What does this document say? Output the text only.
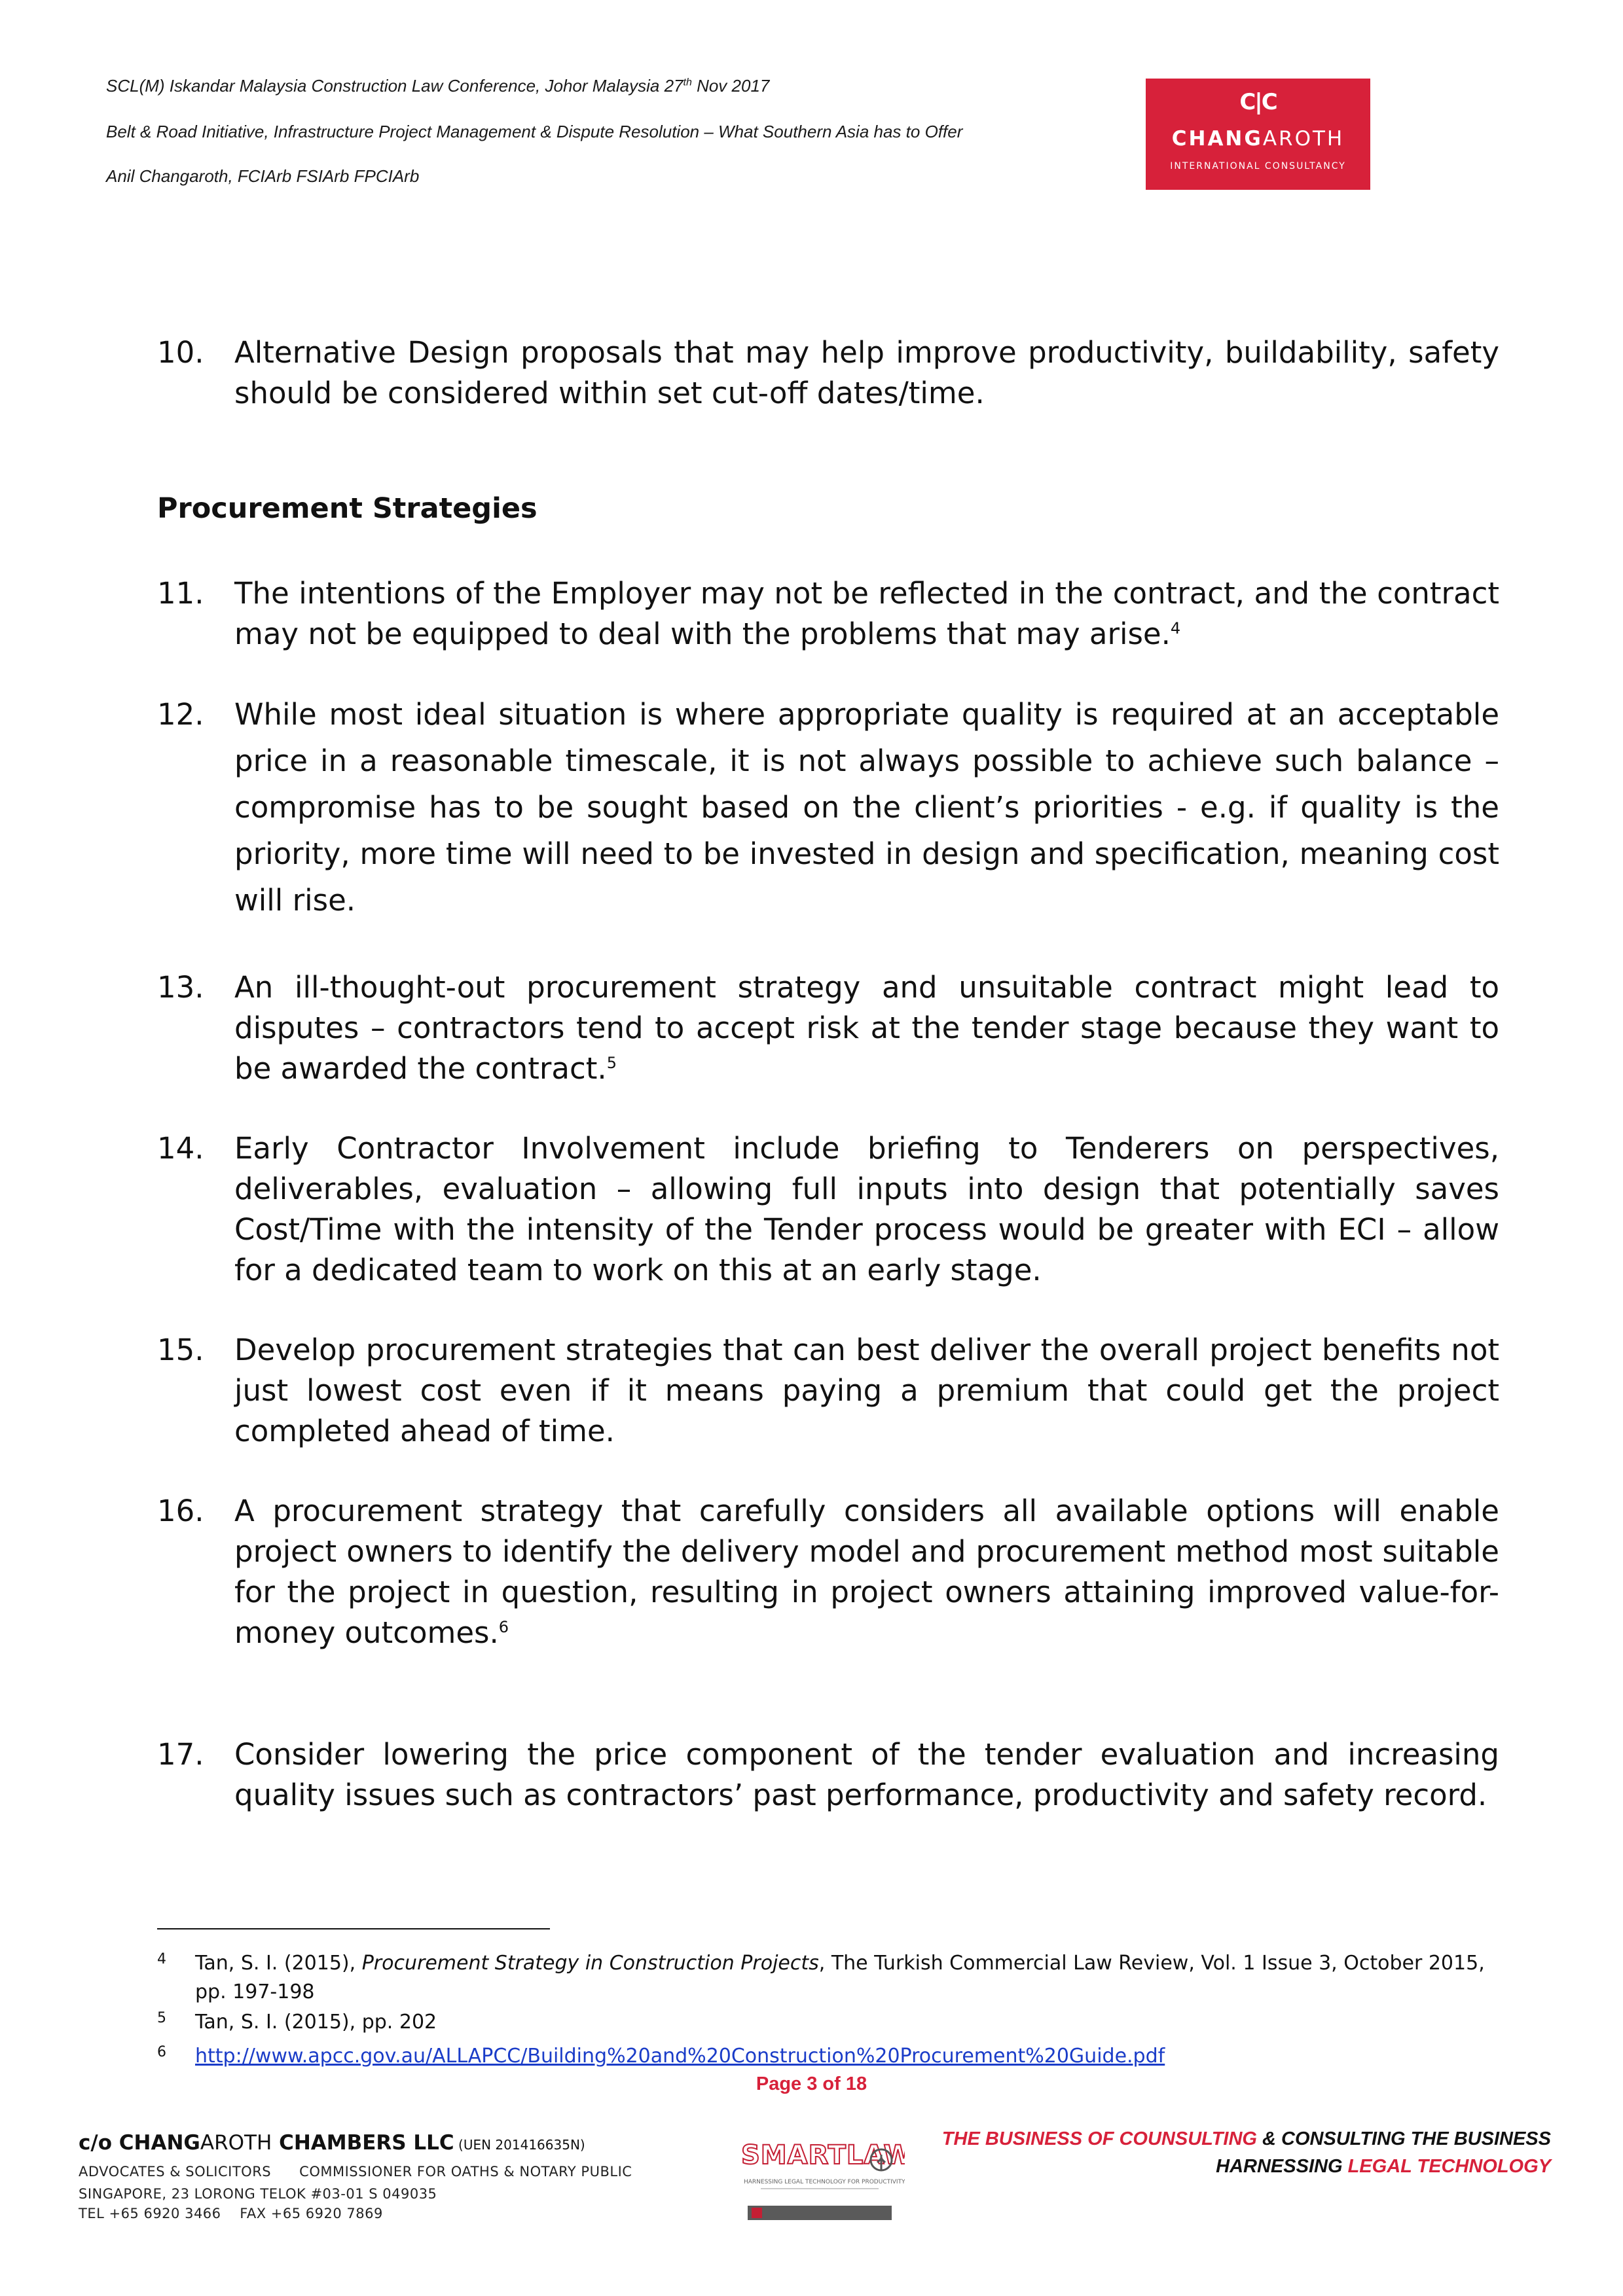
SCL(M) Iskandar Malaysia Construction Law Conference, Johor Malaysia 27th Nov 2017
Belt & Road Initiative, Infrastructure Project Management & Dispute Resolution – What Southern Asia has to Offer
Anil Changaroth, FCIArb FSIArb FPCIArb
C|C
CHANGAROTH
INTERNATIONAL CONSULTANCY
10.	Alternative Design proposals that may help improve productivity, buildability, safety should be considered within set cut-off dates/time.
Procurement Strategies
11.	The intentions of the Employer may not be reflected in the contract, and the contract may not be equipped to deal with the problems that may arise.$^4$
12.	While most ideal situation is where appropriate quality is required at an acceptable price in a reasonable timescale, it is not always possible to achieve such balance – compromise has to be sought based on the client’s priorities - e.g. if quality is the priority, more time will need to be invested in design and specification, meaning cost will rise.
13.	An ill-thought-out procurement strategy and unsuitable contract might lead to disputes – contractors tend to accept risk at the tender stage because they want to be awarded the contract.$^5$
14.	Early Contractor Involvement include briefing to Tenderers on perspectives, deliverables, evaluation – allowing full inputs into design that potentially saves Cost/Time with the intensity of the Tender process would be greater with ECI – allow for a dedicated team to work on this at an early stage.
15.	Develop procurement strategies that can best deliver the overall project benefits not just lowest cost even if it means paying a premium that could get the project completed ahead of time.
16.	A procurement strategy that carefully considers all available options will enable project owners to identify the delivery model and procurement method most suitable for the project in question, resulting in project owners attaining improved value-for-money outcomes.$^6$
17.	Consider lowering the price component of the tender evaluation and increasing quality issues such as contractors’ past performance, productivity and safety record.
4 Tan, S. I. (2015), Procurement Strategy in Construction Projects, The Turkish Commercial Law Review, Vol. 1 Issue 3, October 2015, pp. 197-198
5 Tan, S. I. (2015), pp. 202
6 http://www.apcc.gov.au/ALLAPCC/Building%20and%20Construction%20Procurement%20Guide.pdf
Page 3 of 18
c/o CHANGAROTH CHAMBERS LLC (UEN 201416635N)
ADVOCATES & SOLICITORS      COMMISSIONER FOR OATHS & NOTARY PUBLIC
SINGAPORE, 23 LORONG TELOK #03-01 S 049035
TEL +65 6920 3466    FAX +65 6920 7869
SMARTLAW
HARNESSING LEGAL TECHNOLOGY FOR PRODUCTIVITY
THE BUSINESS OF COUNSULTING & CONSULTING THE BUSINESS
HARNESSING LEGAL TECHNOLOGY
